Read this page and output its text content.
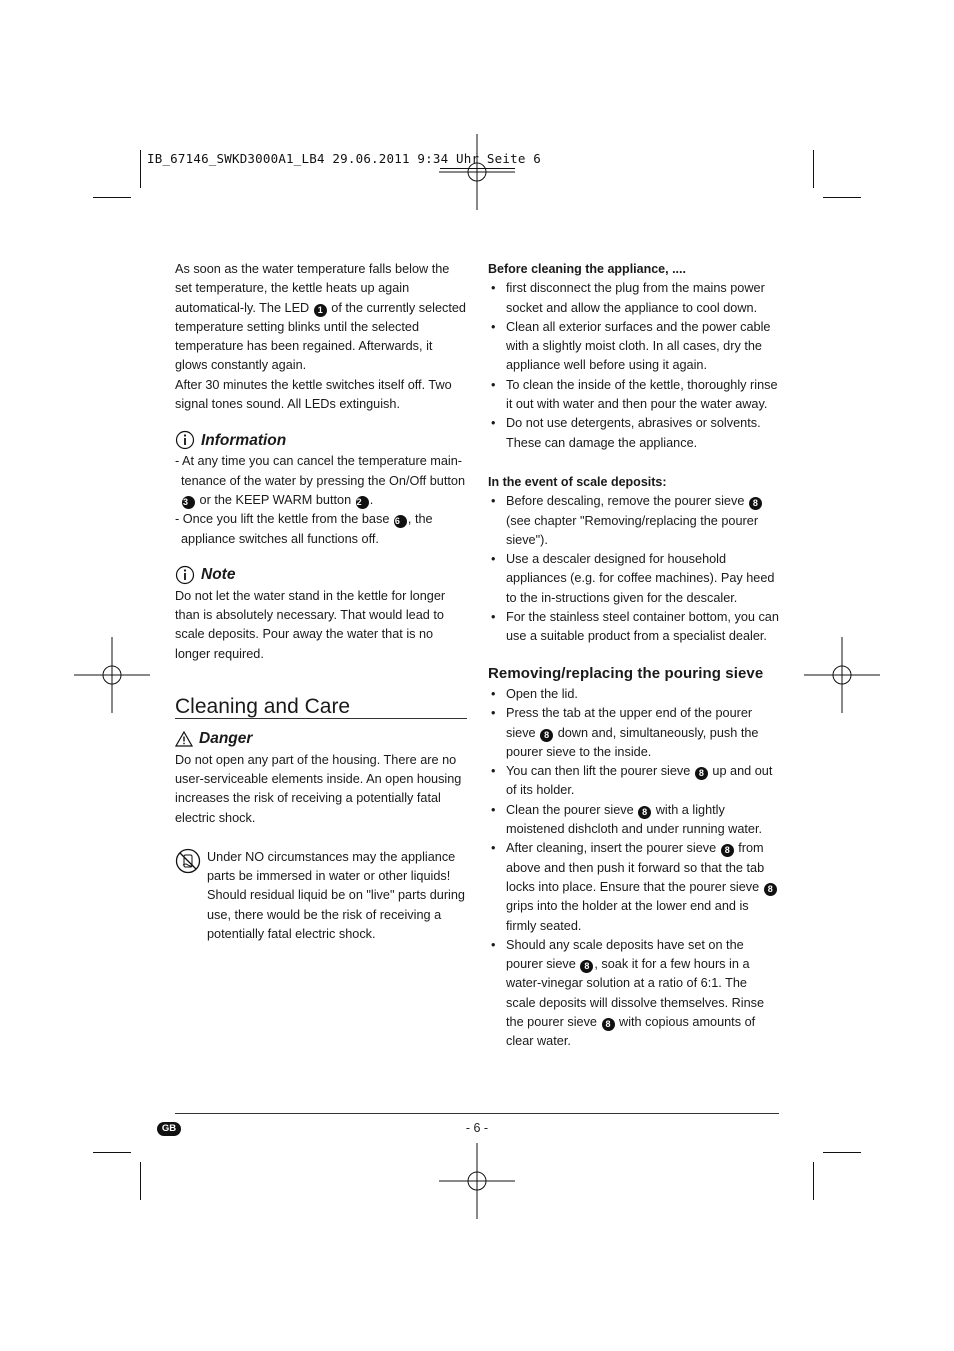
IB_67146_SWKD3000A1_LB4 29.06.2011 9:34 Uhr Seite 6

As soon as the water temperature falls below the set temperature, the kettle heats up again automatical-ly. The LED 1 of the currently selected temperature setting blinks until the selected temperature has been regained. Afterwards, it glows constantly again.

After 30 minutes the kettle switches itself off. Two signal tones sound. All LEDs extinguish.

Information

- At any time you can cancel the temperature main-tenance of the water by pressing the On/Off button 3 or the KEEP WARM button 2 .

- Once you lift the kettle from the base 6 , the appliance switches all functions off.

Note

Do not let the water stand in the kettle for longer than is absolutely necessary. That would lead to scale deposits. Pour away the water that is no longer required.

Cleaning and Care
Danger

Do not open any part of the housing. There are no user-serviceable elements inside. An open housing increases the risk of receiving a potentially fatal electric shock.

Under NO circumstances may the appliance parts be immersed in water or other liquids! Should residual liquid be on "live" parts during use, there would be the risk of receiving a potentially fatal electric shock.

Before cleaning the appliance, ....

• first disconnect the plug from the mains power socket and allow the appliance to cool down.
• Clean all exterior surfaces and the power cable with a slightly moist cloth. In all cases, dry the appliance well before using it again.
• To clean the inside of the kettle, thoroughly rinse it out with water and then pour the water away.
• Do not use detergents, abrasives or solvents. These can damage the appliance.

In the event of scale deposits:

• Before descaling, remove the pourer sieve 8 (see chapter "Removing/replacing the pourer sieve").
• Use a descaler designed for household appliances (e.g. for coffee machines). Pay heed to the in-structions given for the descaler.
• For the stainless steel container bottom, you can use a suitable product from a specialist dealer.
Removing/replacing the pouring sieve
• Open the lid.
• Press the tab at the upper end of the pourer sieve 8 down and, simultaneously, push the pourer sieve to the inside.
• You can then lift the pourer sieve 8 up and out of its holder.
• Clean the pourer sieve 8 with a lightly moistened dishcloth and under running water.
• After cleaning, insert the pourer sieve 8 from above and then push it forward so that the tab locks into place. Ensure that the pourer sieve 8 grips into the holder at the lower end and is firmly seated.
• Should any scale deposits have set on the pourer sieve 8 , soak it for a few hours in a water-vinegar solution at a ratio of 6:1. The scale deposits will dissolve themselves. Rinse the pourer sieve 8 with copious amounts of clear water.
GB	- 6 -
